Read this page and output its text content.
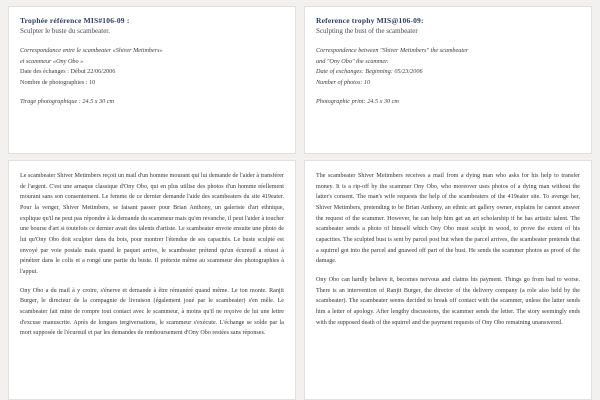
Trophée référence MIS#106-09 :

Sculpter le buste du scambeater.

Correspondance entre le scambeater «Shiver Metimbers»
et scammeur «Ony Obo »
Date des échanges : Début 22/06/2006
Nombre de photographies : 10

Tirage photographique : 24.5 x 30 cm

Reference trophy MIS@106-09:

Sculpting the bust of the scambeater

Correspondence between "Shiver Metimbers" the scambeater
and "Ony Obo" the scammer.
Date of exchanges: Beginning: 05/23/2006
Number of photos: 10

Photographic print: 24.5 x 30 cm

Le scambeater Shiver Metimbers reçoit un mail d'un homme mourant qui lui demande de l'aider à transférer de l'argent. C'est une arnaque classique d'Ony Obo, qui en plus utilise des photos d'un homme réellement mourant sans son consentement. Le femme de ce dernier demande l'aide des scambeaters du site 419eater. Pour la venger, Shiver Metimbers, se faisant passer pour Brian Anthony, un galeriste d'art ethnique, explique qu'il ne peut pas répondre à la demande du scammeur mais qu'en revanche, il peut l'aider à toucher une bourse d'art si toutefois ce dernier avait des talents d'artiste. Le scambeater envoie ensuite une photo de lui qu'Ony Obo doit sculpter dans du bois, pour montrer l'étendue de ses capacités. Le buste sculpté est envoyé par voie postale mais quand le paquet arrive, le scambeater prétend qu'un écureuil a réussi à pénétrer dans le colis et a rongé une partie du buste. Il prétexte même au scammeur des photographies à l'appui.

Ony Obo a du mail à y croire, s'énerve et demande à être rémunéré quand même. Le ton monte. Ranjit Burger, le directeur de la compagnie de livraison (également joué par le scambeater) s'en mêle. Le scambeater fait mine de rompre tout contact avec le scammeur, à moins qu'il ne reçoive de lui une lettre d'excuse manuscrite. Après de longues tergiversations, le scammeur s'exécute. L'échange se solde par la mort supposée de l'écureuil et par les demandes de remboursement d'Ony Obo restées sans réponses.

The scambeater Shiver Metimbers receives a mail from a dying man who asks for his help to transfer money. It is a rip-off by the scammer Ony Obo, who moreover uses photos of a dying man without the latter's consent. The man's wife requests the help of the scambeaters of the 419eater site. To avenge her, Shiver Metimbers, pretending to be Brian Anthony, an ethnic art gallery owner, explains he cannot answer the request of the scammer. However, he can help him get an art scholarship if he has artistic talent. The scambeater sends a photo of himself which Ony Obo must sculpt in wood, to prove the extent of his capacities. The sculpted bust is sent by parcel post but when the parcel arrives, the scambeater pretends that a squirrel got into the parcel and gnawed off part of the bust. He sends the scammer photos as proof of the damage.

Ony Obo can hardly believe it, becomes nervous and claims his payment. Things go from bad to worse. There is an intervention of Ranjit Burger, the director of the delivery company (a role also held by the scambeater). The scambeater seems decided to break off contact with the scammer, unless the latter sends him a letter of apology. After lengthy discussions, the scammer sends the letter. The story seemingly ends with the supposed death of the squirrel and the payment requests of Ony Obo remaining unanswered.
